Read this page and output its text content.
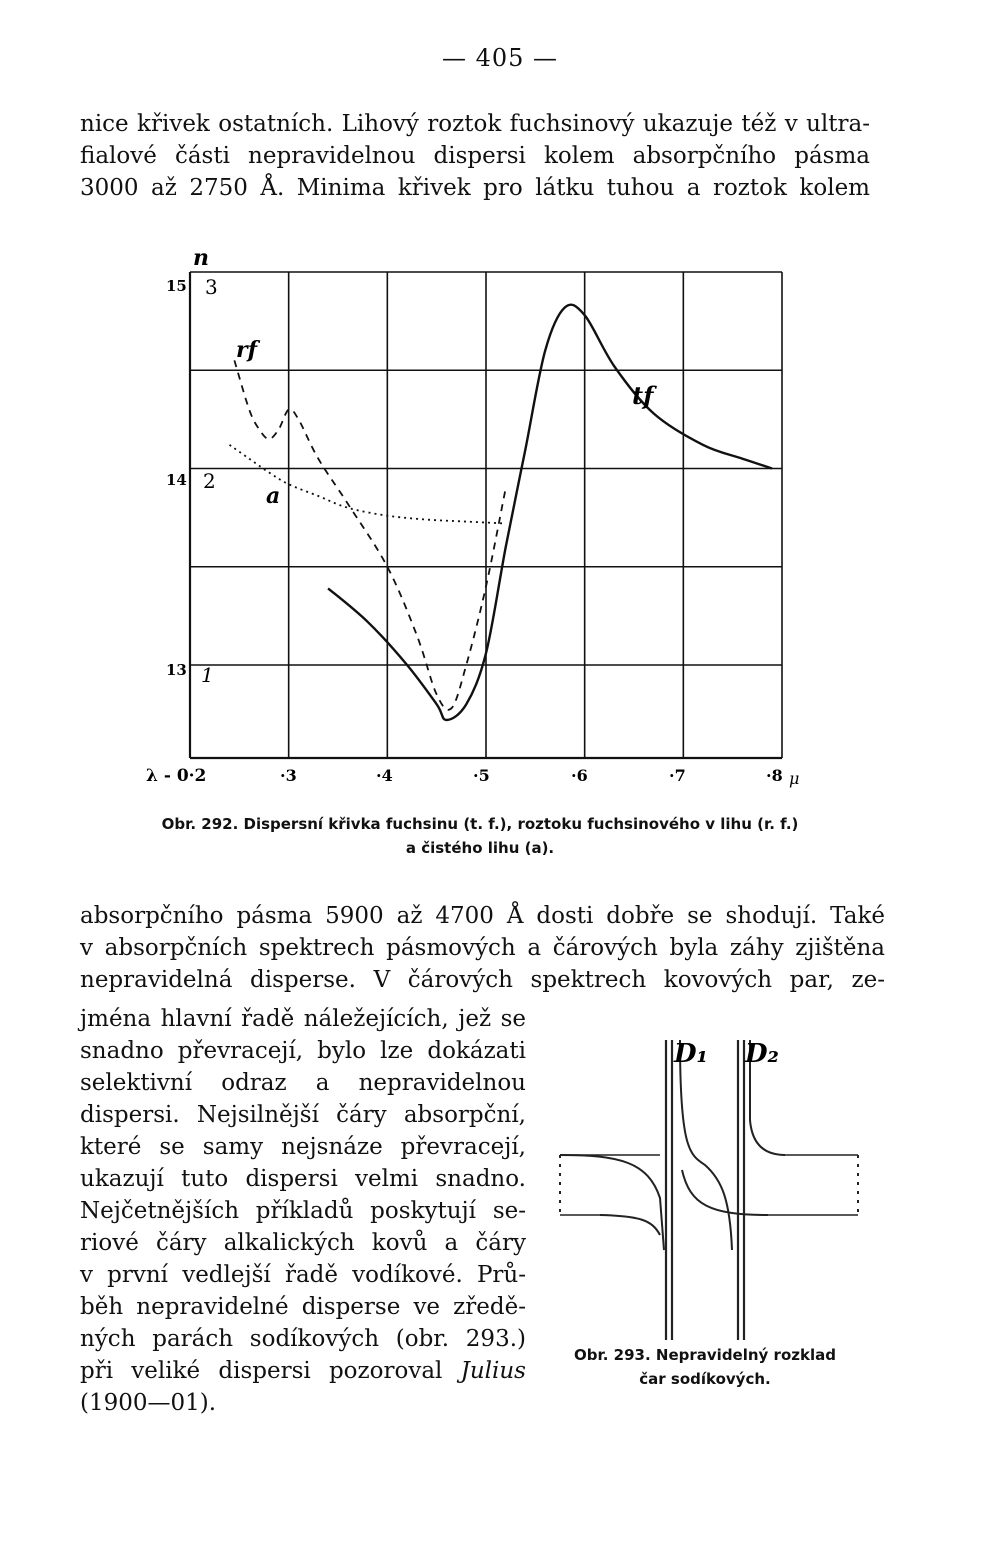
— 405 —

nice křivek ostatních. Lihový roztok fuchsinový ukazuje též v ultra-
fialové části nepravidelnou dispersi kolem absorpčního pásma
3000 až 2750 Å. Minima křivek pro látku tuhou a roztok kolem

n
15
14
13
3
2
1
λ - 0·2	·3	·4	·5	·6	·7	·8 μ
rf
tf
a
Obr. 292. Dispersní křivka fuchsinu (t. f.), roztoku fuchsinového v lihu (r. f.)
a čistého lihu (a).

absorpčního pásma 5900 až 4700 Å dosti dobře se shodují. Také
v absorpčních spektrech pásmových a čárových byla záhy zjištěna
nepravidelná disperse. V čárových spektrech kovových par, ze-

jména hlavní řadě náležejících, jež se
snadno převracejí, bylo lze dokázati
selektivní odraz a nepravidelnou
dispersi. Nejsilnější čáry absorpční,
které se samy nejsnáze převracejí,
ukazují tuto dispersi velmi snadno.
Nejčetnějších příkladů poskytují se-
riové čáry alkalických kovů a čáry
v první vedlejší řadě vodíkové. Prů-
běh nepravidelné disperse ve zředě-
ných parách sodíkových (obr. 293.)
při veliké dispersi pozoroval Julius
(1900—01).

D₁ D₂
Obr. 293. Nepravidelný rozklad
čar sodíkových.
